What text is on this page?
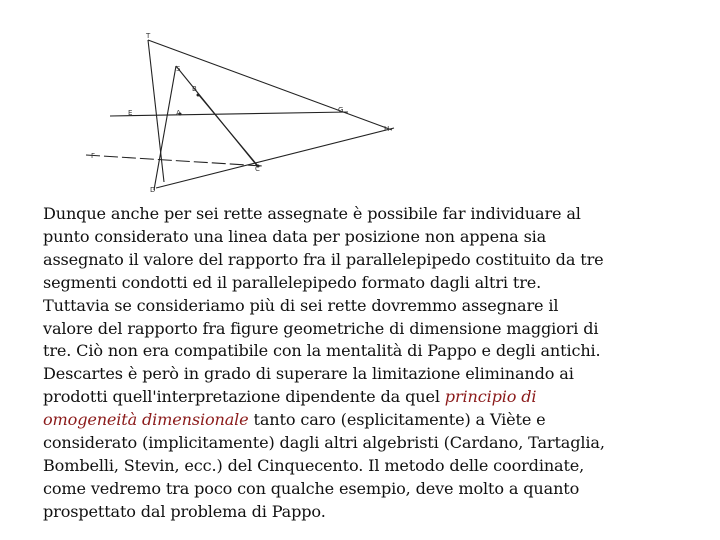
T
S
B
E	A	G
H
F
C
D
Dunque anche per sei rette assegnate è possibile far individuare al
punto considerato una linea data per posizione non appena sia
assegnato il valore del rapporto fra il parallelepipedo costituito da tre
segmenti condotti ed il parallelepipedo formato dagli altri tre.
Tuttavia se consideriamo più di sei rette dovremmo assegnare il
valore del rapporto fra figure geometriche di dimensione maggiori di
tre. Ciò non era compatibile con la mentalità di Pappo e degli antichi.
Descartes è però in grado di superare la limitazione eliminando ai
prodotti quell'interpretazione dipendente da quel principio di
omogeneità dimensionale tanto caro (esplicitamente) a Viète e
considerato (implicitamente) dagli altri algebristi (Cardano, Tartaglia,
Bombelli, Stevin, ecc.) del Cinquecento. Il metodo delle coordinate,
come vedremo tra poco con qualche esempio, deve molto a quanto
prospettato dal problema di Pappo.
